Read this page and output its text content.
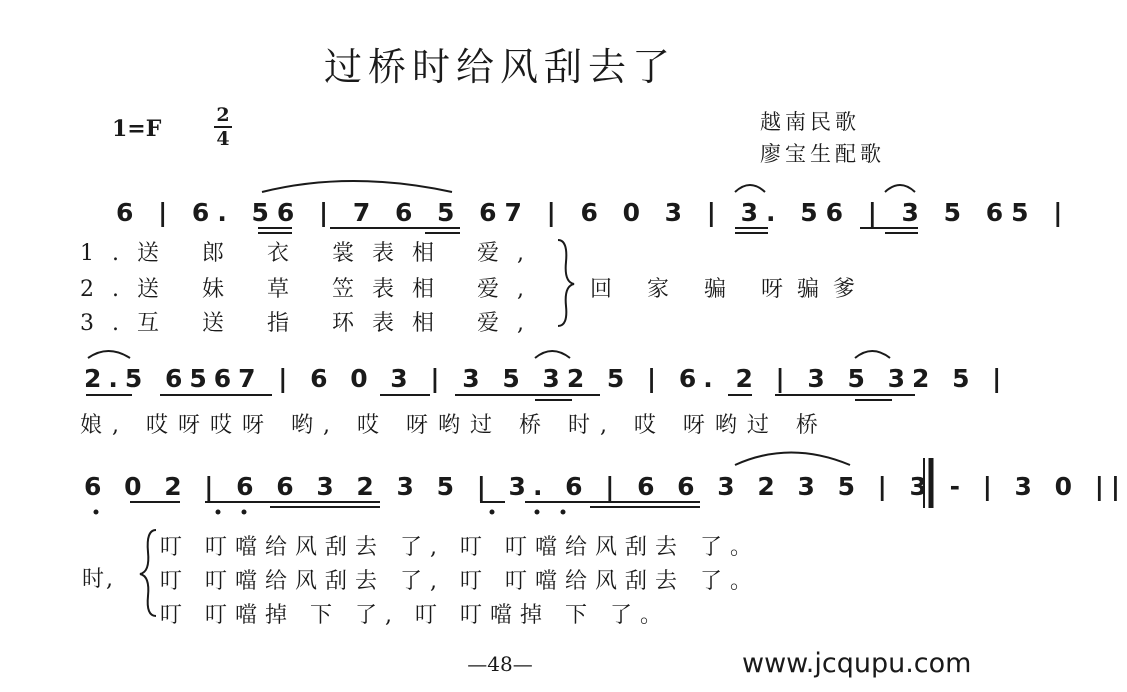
过桥时给风刮去了
1=F
2
4
越南民歌
廖宝生配歌
6 | 6. 56 | 7 6 5 67 | 6 0 3 | 3. 56 | 3 5 65 |
1.送 郎 衣 裳表相 爱,
2.送 妹 草 笠表相 爱,
3.互 送 指 环表相 爱,
回 家 骗 呀骗爹
2.5 6567 | 6 0 3 | 3 5 32 5 | 6. 2 | 3 5 32 5 |
娘, 哎呀哎呀 哟, 哎 呀哟过 桥 时, 哎 呀哟过 桥
6 0 2 | 6 6 3 2 3 5 | 3. 6 | 6 6 3 2 3 5 | 3 - | 3 0 ||
时,
叮 叮噹给风刮去 了, 叮 叮噹给风刮去 了。
叮 叮噹给风刮去 了, 叮 叮噹给风刮去 了。
叮 叮噹掉 下 了, 叮 叮噹掉 下 了。
—48—	www.jcqupu.com
